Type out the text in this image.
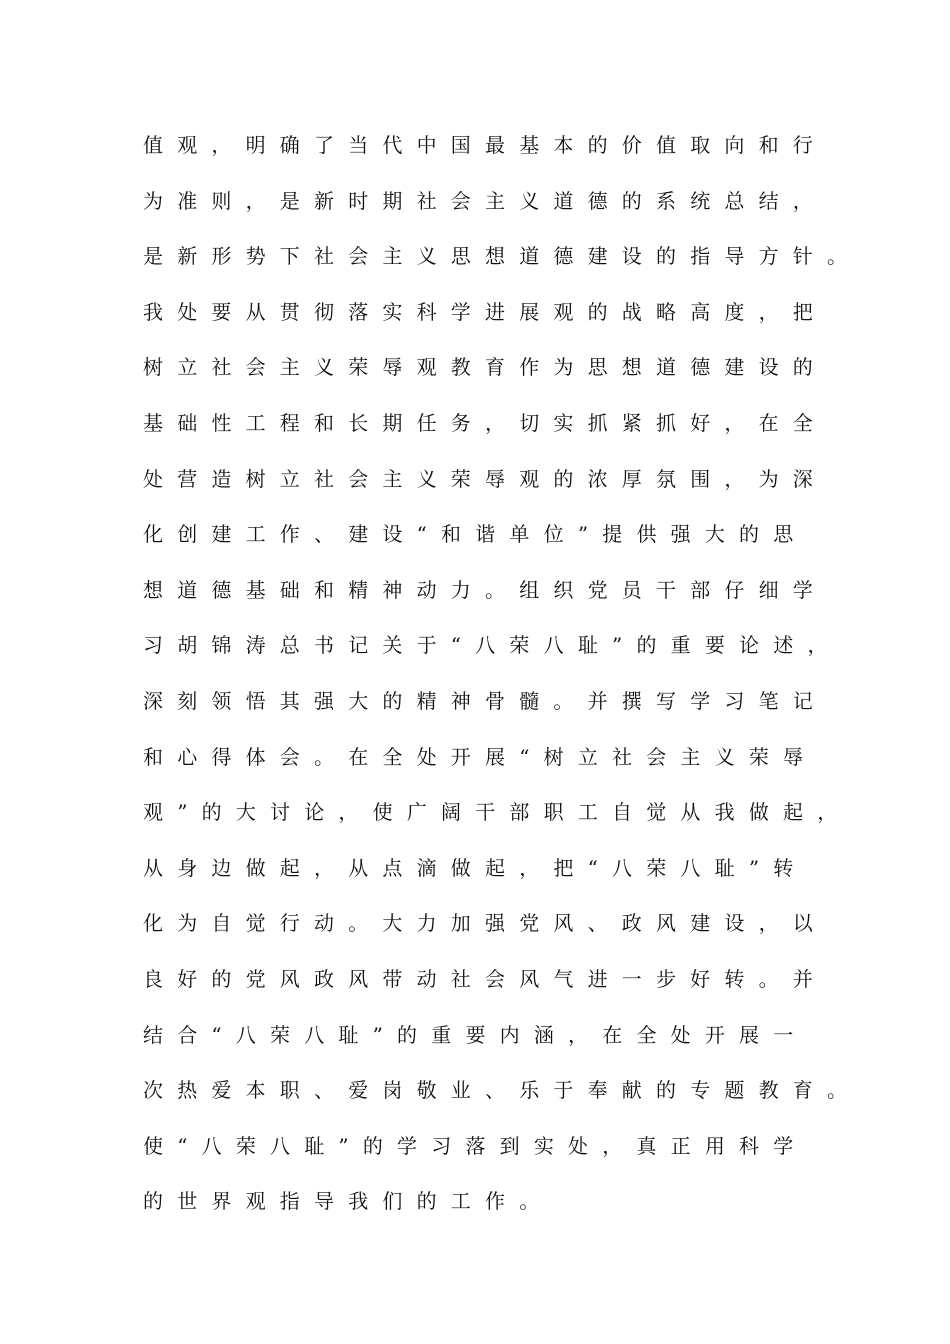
值观，明确了当代中国最基本的价值取向和行
为准则，是新时期社会主义道德的系统总结，
是新形势下社会主义思想道德建设的指导方针。
我处要从贯彻落实科学进展观的战略高度，把
树立社会主义荣辱观教育作为思想道德建设的
基础性工程和长期任务，切实抓紧抓好，在全
处营造树立社会主义荣辱观的浓厚氛围，为深
化创建工作、建设“和谐单位”提供强大的思
想道德基础和精神动力。组织党员干部仔细学
习胡锦涛总书记关于“八荣八耻”的重要论述，
深刻领悟其强大的精神骨髓。并撰写学习笔记
和心得体会。在全处开展“树立社会主义荣辱
观”的大讨论，使广阔干部职工自觉从我做起，
从身边做起，从点滴做起，把“八荣八耻”转
化为自觉行动。大力加强党风、政风建设，以
良好的党风政风带动社会风气进一步好转。并
结合“八荣八耻”的重要内涵，在全处开展一
次热爱本职、爱岗敬业、乐于奉献的专题教育。
使“八荣八耻”的学习落到实处，真正用科学
的世界观指导我们的工作。
